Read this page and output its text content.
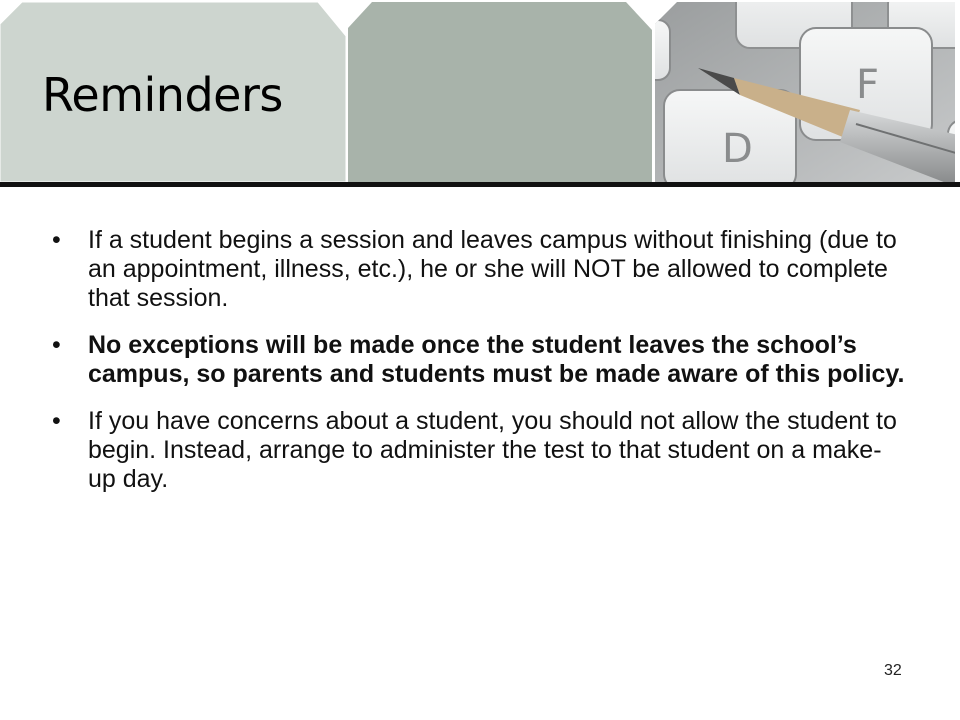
F
D
Reminders
• If a student begins a session and leaves campus without finishing (due to an appointment, illness, etc.), he or she will NOT be allowed to complete that session.
• No exceptions will be made once the student leaves the school’s campus, so parents and students must be made aware of this policy.
• If you have concerns about a student, you should not allow the student to begin. Instead, arrange to administer the test to that student on a make-up day.
32
